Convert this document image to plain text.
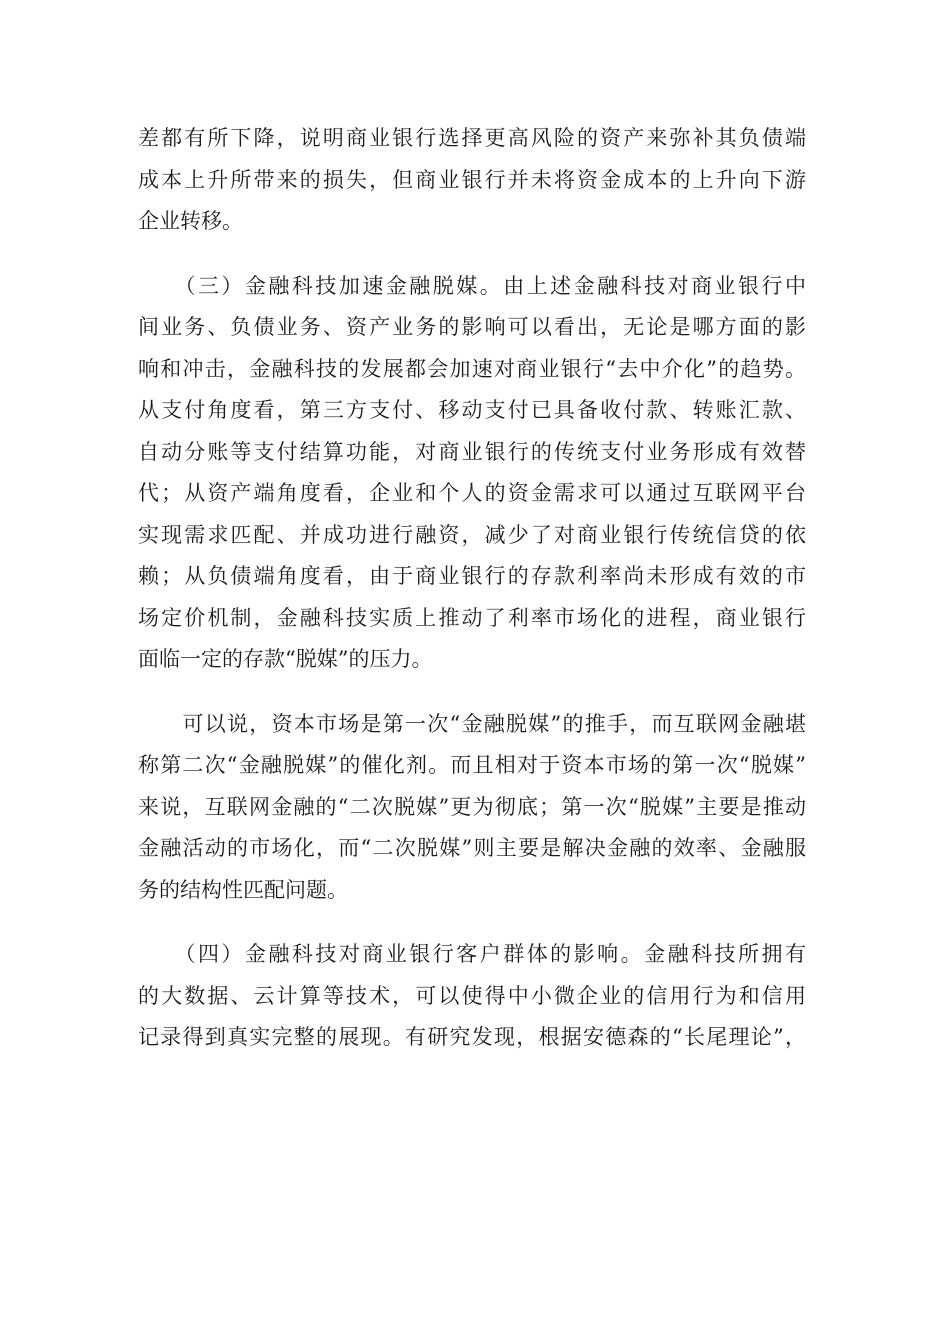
差都有所下降，说明商业银行选择更高风险的资产来弥补其负债端
成本上升所带来的损失，但商业银行并未将资金成本的上升向下游
企业转移。
　　（三）金融科技加速金融脱媒。由上述金融科技对商业银行中
间业务、负债业务、资产业务的影响可以看出，无论是哪方面的影
响和冲击，金融科技的发展都会加速对商业银行“去中介化”的趋势。
从支付角度看，第三方支付、移动支付已具备收付款、转账汇款、
自动分账等支付结算功能，对商业银行的传统支付业务形成有效替
代；从资产端角度看，企业和个人的资金需求可以通过互联网平台
实现需求匹配、并成功进行融资，减少了对商业银行传统信贷的依
赖；从负债端角度看，由于商业银行的存款利率尚未形成有效的市
场定价机制，金融科技实质上推动了利率市场化的进程，商业银行
面临一定的存款“脱媒”的压力。
　　可以说，资本市场是第一次“金融脱媒”的推手，而互联网金融堪
称第二次“金融脱媒”的催化剂。而且相对于资本市场的第一次“脱媒”
来说，互联网金融的“二次脱媒”更为彻底；第一次“脱媒”主要是推动
金融活动的市场化，而“二次脱媒”则主要是解决金融的效率、金融服
务的结构性匹配问题。
　　（四）金融科技对商业银行客户群体的影响。金融科技所拥有
的大数据、云计算等技术，可以使得中小微企业的信用行为和信用
记录得到真实完整的展现。有研究发现，根据安德森的“长尾理论”，
